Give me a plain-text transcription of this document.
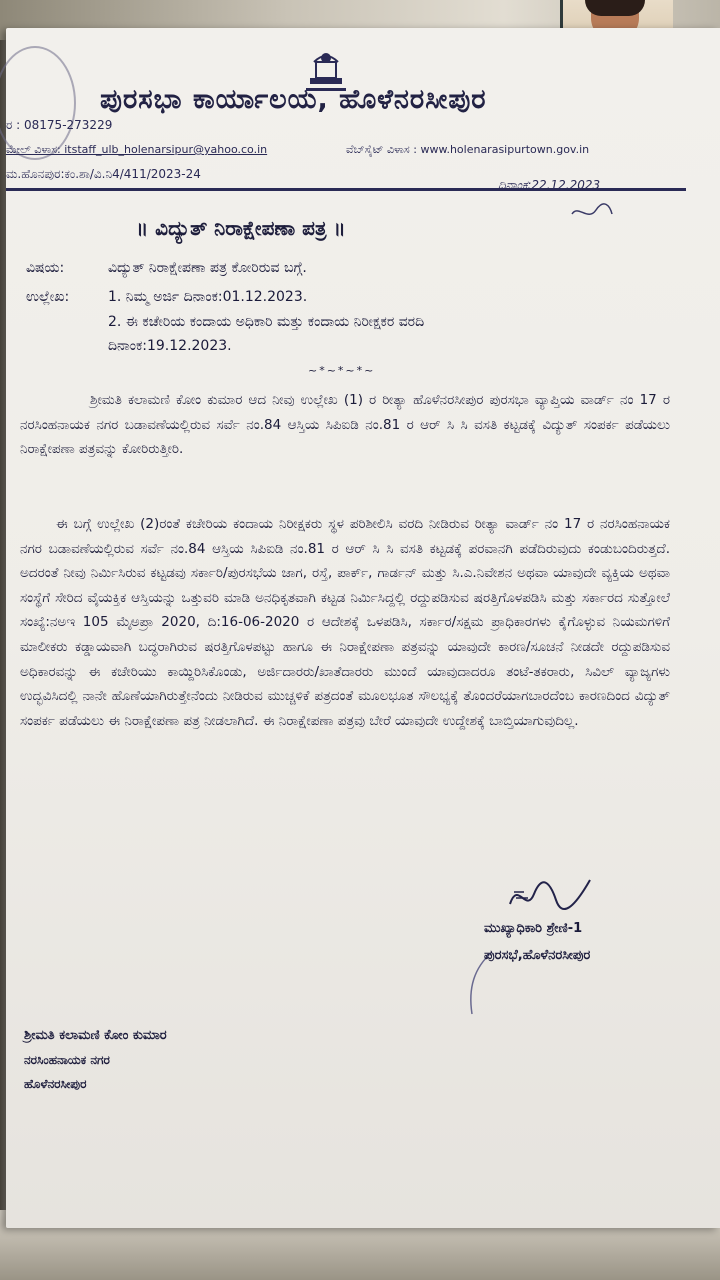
ಪುರಸಭಾ ಕಾರ್ಯಾಲಯ, ಹೊಳೆನರಸೀಪುರ
ರ : 08175-273229
ಮೇಲ್ ವಿಳಾಸ: itstaff_ulb_holenarsipur@yahoo.co.in	ವೆಬ್‌ಸೈಟ್ ವಿಳಾಸ : www.holenarasipurtown.gov.in
ಮ.ಹೊನಪುರ:ಕಂ.ಶಾ/ವಿ.ನಿ4/411/2023-24
ದಿನಾಂಕ:22.12.2023
॥ ವಿದ್ಯುತ್ ನಿರಾಕ್ಷೇಪಣಾ ಪತ್ರ ॥
ವಿಷಯ:	ವಿದ್ಯುತ್ ನಿರಾಕ್ಷೇಪಣಾ ಪತ್ರ ಕೋರಿರುವ ಬಗ್ಗೆ.
ಉಲ್ಲೇಖ:	1. ನಿಮ್ಮ ಅರ್ಜಿ ದಿನಾಂಕ:01.12.2023.
2. ಈ ಕಚೇರಿಯ ಕಂದಾಯ ಅಧಿಕಾರಿ ಮತ್ತು ಕಂದಾಯ ನಿರೀಕ್ಷಕರ ವರದಿ
ದಿನಾಂಕ:19.12.2023.
~*~*~*~
ಶ್ರೀಮತಿ ಕಲಾಮಣಿ ಕೋಂ ಕುಮಾರ ಆದ ನೀವು ಉಲ್ಲೇಖ (1) ರ ರೀತ್ಯಾ ಹೊಳೆನರಸೀಪುರ ಪುರಸಭಾ ವ್ಯಾಪ್ತಿಯ ವಾರ್ಡ್ ನಂ 17 ರ ನರಸಿಂಹನಾಯಕ ನಗರ ಬಡಾವಣೆಯಲ್ಲಿರುವ ಸರ್ವೆ ನಂ.84 ಆಸ್ತಿಯ ಸಿಪಿಐಡಿ ನಂ.81 ರ ಆರ್ ಸಿ ಸಿ ವಸತಿ ಕಟ್ಟಡಕ್ಕೆ ವಿದ್ಯುತ್ ಸಂಪರ್ಕ ಪಡೆಯಲು ನಿರಾಕ್ಷೇಪಣಾ ಪತ್ರವನ್ನು ಕೋರಿರುತ್ತೀರಿ.
ಈ ಬಗ್ಗೆ ಉಲ್ಲೇಖ (2)ರಂತೆ ಕಚೇರಿಯ ಕಂದಾಯ ನಿರೀಕ್ಷಕರು ಸ್ಥಳ ಪರಿಶೀಲಿಸಿ ವರದಿ ನೀಡಿರುವ ರೀತ್ಯಾ ವಾರ್ಡ್ ನಂ 17 ರ ನರಸಿಂಹನಾಯಕ ನಗರ ಬಡಾವಣೆಯಲ್ಲಿರುವ ಸರ್ವೆ ನಂ.84 ಆಸ್ತಿಯ ಸಿಪಿಐಡಿ ನಂ.81 ರ ಆರ್ ಸಿ ಸಿ ವಸತಿ ಕಟ್ಟಡಕ್ಕೆ ಪರವಾನಗಿ ಪಡೆದಿರುವುದು ಕಂಡುಬಂದಿರುತ್ತದೆ. ಅದರಂತೆ ನೀವು ನಿರ್ಮಿಸಿರುವ ಕಟ್ಟಡವು ಸರ್ಕಾರಿ/ಪುರಸಭೆಯ ಜಾಗ, ರಸ್ತೆ, ಪಾರ್ಕ್, ಗಾರ್ಡನ್ ಮತ್ತು ಸಿ.ಎ.ನಿವೇಶನ ಅಥವಾ ಯಾವುದೇ ವ್ಯಕ್ತಿಯ ಅಥವಾ ಸಂಸ್ಥೆಗೆ ಸೇರಿದ ವೈಯಕ್ತಿಕ ಆಸ್ತಿಯನ್ನು ಒತ್ತುವರಿ ಮಾಡಿ ಅನಧಿಕೃತವಾಗಿ ಕಟ್ಟಡ ನಿರ್ಮಿಸಿದ್ದಲ್ಲಿ ರದ್ದುಪಡಿಸುವ ಷರತ್ತಿಗೊಳಪಡಿಸಿ ಮತ್ತು ಸರ್ಕಾರದ ಸುತ್ತೋಲೆ ಸಂಖ್ಯೆ:ನಅಇ 105 ಮೈಅಪ್ರಾ 2020, ದಿ:16-06-2020 ರ ಆದೇಶಕ್ಕೆ ಒಳಪಡಿಸಿ, ಸರ್ಕಾರ/ಸಕ್ಷಮ ಪ್ರಾಧಿಕಾರಗಳು ಕೈಗೊಳ್ಳುವ ನಿಯಮಗಳಿಗೆ ಮಾಲೀಕರು ಕಡ್ಡಾಯವಾಗಿ ಬದ್ಧರಾಗಿರುವ ಷರತ್ತಿಗೊಳಪಟ್ಟು ಹಾಗೂ ಈ ನಿರಾಕ್ಷೇಪಣಾ ಪತ್ರವನ್ನು ಯಾವುದೇ ಕಾರಣ/ಸೂಚನೆ ನೀಡದೇ ರದ್ದುಪಡಿಸುವ ಅಧಿಕಾರವನ್ನು ಈ ಕಚೇರಿಯು ಕಾಯ್ದಿರಿಸಿಕೊಂಡು, ಅರ್ಜಿದಾರರು/ಖಾತೆದಾರರು ಮುಂದೆ ಯಾವುದಾದರೂ ತಂಟೆ-ತಕರಾರು, ಸಿವಿಲ್ ವ್ಯಾಜ್ಯಗಳು ಉದ್ಭವಿಸಿದಲ್ಲಿ ನಾನೇ ಹೊಣೆಯಾಗಿರುತ್ತೇನೆಂದು ನೀಡಿರುವ ಮುಚ್ಚಳಿಕೆ ಪತ್ರದಂತೆ ಮೂಲಭೂತ ಸೌಲಭ್ಯಕ್ಕೆ ತೊಂದರೆಯಾಗಬಾರದೆಂಬ ಕಾರಣದಿಂದ ವಿದ್ಯುತ್ ಸಂಪರ್ಕ ಪಡೆಯಲು ಈ ನಿರಾಕ್ಷೇಪಣಾ ಪತ್ರ ನೀಡಲಾಗಿದೆ. ಈ ನಿರಾಕ್ಷೇಪಣಾ ಪತ್ರವು ಬೇರೆ ಯಾವುದೇ ಉದ್ದೇಶಕ್ಕೆ ಬಾಬ್ತಿಯಾಗುವುದಿಲ್ಲ.
ಮುಖ್ಯಾಧಿಕಾರಿ ಶ್ರೇಣಿ-1
ಪುರಸಭೆ,ಹೊಳೆನರಸೀಪುರ
ಶ್ರೀಮತಿ ಕಲಾಮಣಿ ಕೋಂ ಕುಮಾರ
ನರಸಿಂಹನಾಯಕ ನಗರ
ಹೊಳೆನರಸೀಪುರ
